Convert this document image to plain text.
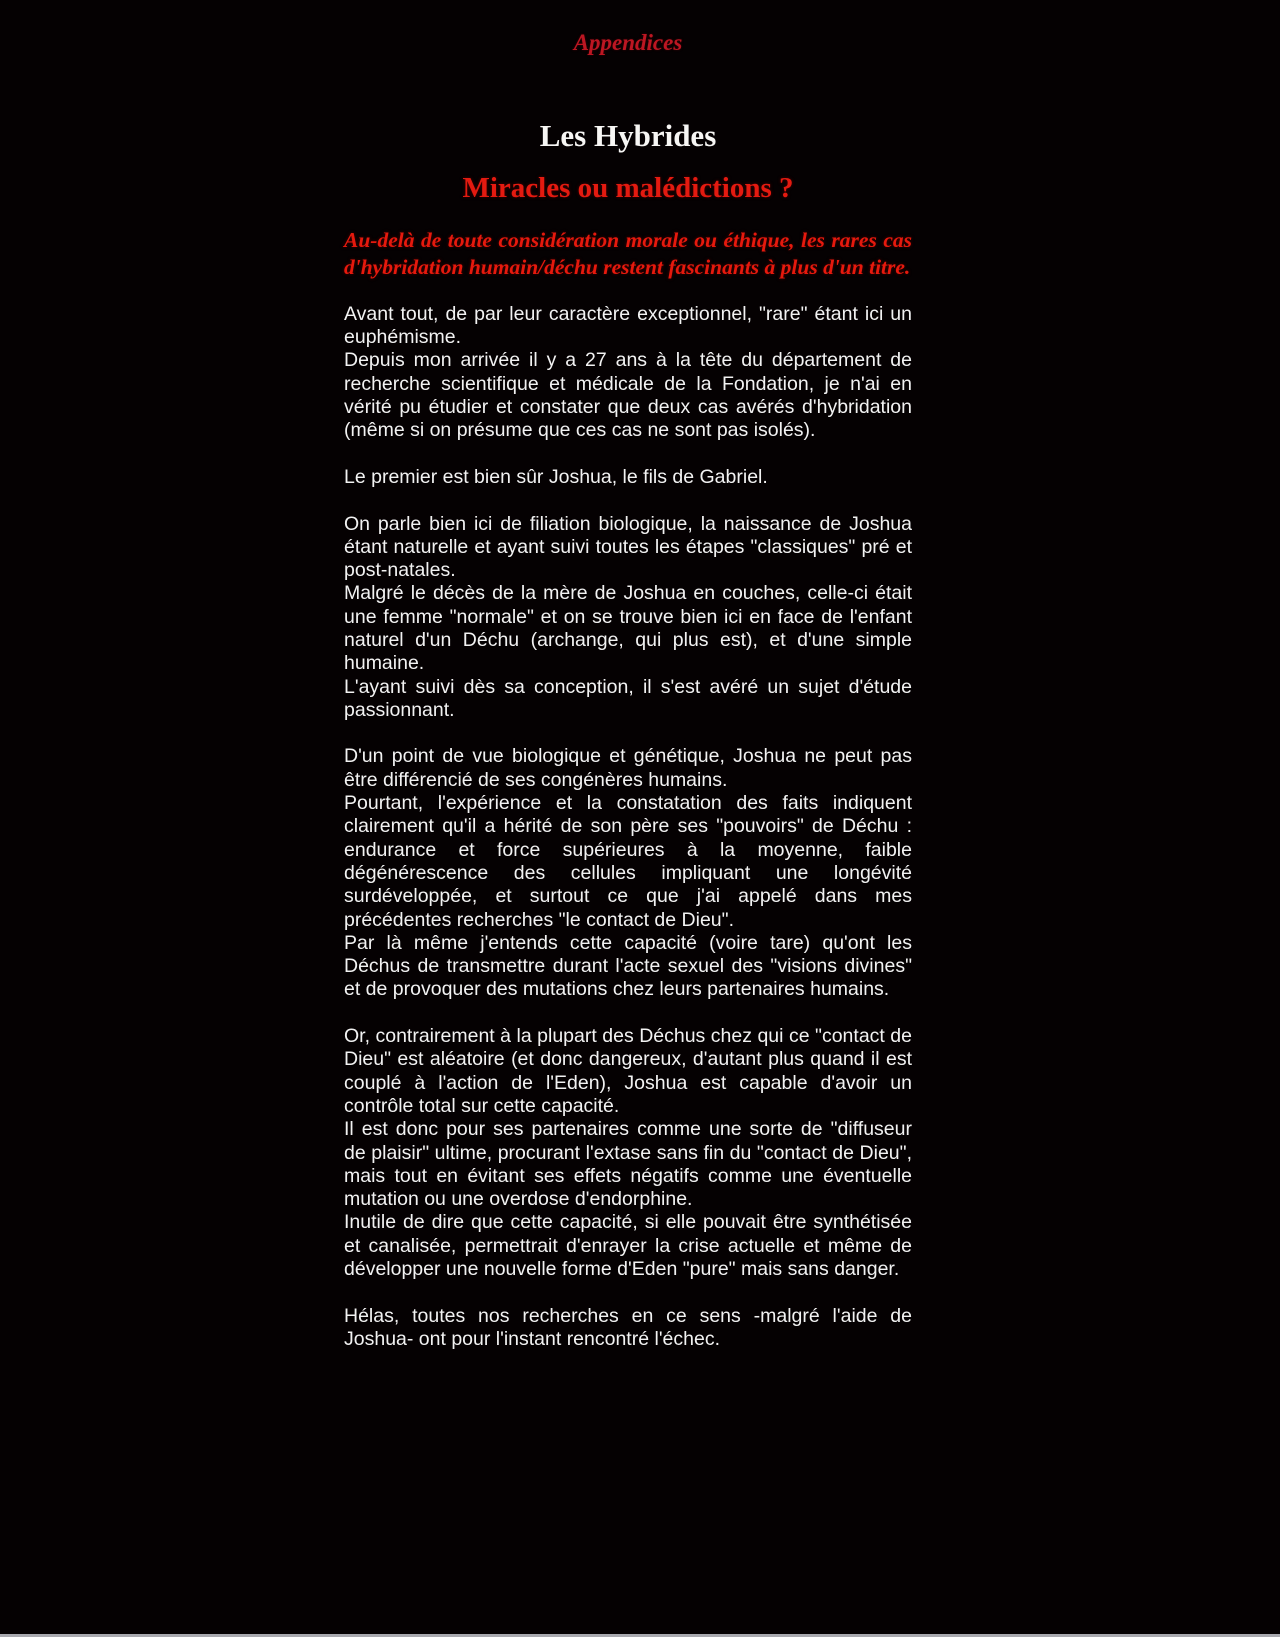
Appendices
Les Hybrides
Miracles ou malédictions ?

Au-delà de toute considération morale ou éthique, les rares cas d'hybridation humain/déchu restent fascinants à plus d'un titre.

Avant tout, de par leur caractère exceptionnel, "rare" étant ici un euphémisme.

Depuis mon arrivée il y a 27 ans à la tête du département de recherche scientifique et médicale de la Fondation, je n'ai en vérité pu étudier et constater que deux cas avérés d'hybridation (même si on présume que ces cas ne sont pas isolés).

Le premier est bien sûr Joshua, le fils de Gabriel.

On parle bien ici de filiation biologique, la naissance de Joshua étant naturelle et ayant suivi toutes les étapes "classiques" pré et post-natales.

Malgré le décès de la mère de Joshua en couches, celle-ci était une femme "normale" et on se trouve bien ici en face de l'enfant naturel d'un Déchu (archange, qui plus est), et d'une simple humaine.

L'ayant suivi dès sa conception, il s'est avéré un sujet d'étude passionnant.

D'un point de vue biologique et génétique, Joshua ne peut pas être différencié de ses congénères humains.

Pourtant, l'expérience et la constatation des faits indiquent clairement qu'il a hérité de son père ses "pouvoirs" de Déchu : endurance et force supérieures à la moyenne, faible dégénérescence des cellules impliquant une longévité surdéveloppée, et surtout ce que j'ai appelé dans mes précédentes recherches "le contact de Dieu".

Par là même j'entends cette capacité (voire tare) qu'ont les Déchus de transmettre durant l'acte sexuel des "visions divines" et de provoquer des mutations chez leurs partenaires humains.

Or, contrairement à la plupart des Déchus chez qui ce "contact de Dieu" est aléatoire (et donc dangereux, d'autant plus quand il est couplé à l'action de l'Eden), Joshua est capable d'avoir un contrôle total sur cette capacité.

Il est donc pour ses partenaires comme une sorte de "diffuseur de plaisir" ultime, procurant l'extase sans fin du "contact de Dieu", mais tout en évitant ses effets négatifs comme une éventuelle mutation ou une overdose d'endorphine.

Inutile de dire que cette capacité, si elle pouvait être synthétisée et canalisée, permettrait d'enrayer la crise actuelle et même de développer une nouvelle forme d'Eden "pure" mais sans danger.

Hélas, toutes nos recherches en ce sens -malgré l'aide de Joshua- ont pour l'instant rencontré l'échec.
